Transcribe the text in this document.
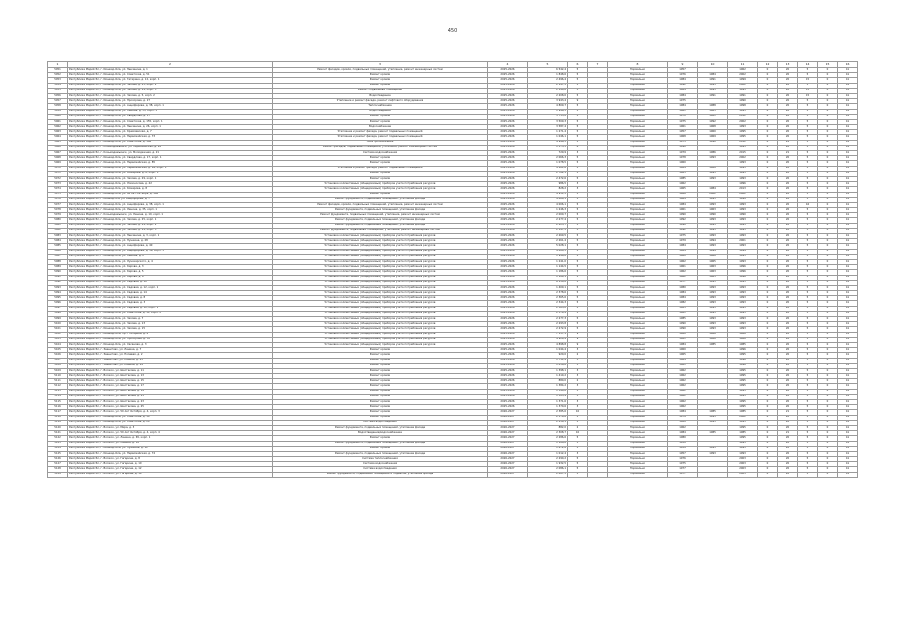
450
1	2	3	4	5	6	7	8	9	10	11	12	13	14	15	16
5051	Республика Марий Эл, г. Йошкар-Ола, ул. Эшкинина, д. 1	Ремонт фасадов, кровли, подвальных помещений, утепление, ремонт инженерных систем	2025-2026	6 542,4	5		Нормально	1957		1962	0	20	5	0	41
5052	Республика Марий Эл, г. Йошкар-Ола, ул. Советская, д. 51	Ремонт кровли	2025-2026	1 848,6	5		Нормально	1976	1984	2002	0	20	5	0	41
5053	Республика Марий Эл, г. Йошкар-Ола, ул. Гагарина, д. 12, корп. 1	Ремонт кровли	2025-2026	2 496,4	5		Нормально	1984	1991	1999	0	20	15	0	41
5054	Республика Марий Эл, г. Йошкар-Ола, ул. Чехова, д. 25, корп. 2	Ремонт кровли	2025-2026	2 197,3	5		Нормально	1992	1993	2002	0	20	5	0	41
5055	Республика Марий Эл, г. Йошкар-Ола, ул. Чехова, д. 29, корп. 3	Ремонт подвальных помещений	2025-2026	2 190,6	5		Нормально	1984	1993	1995	0	20	15	0	41
5056	Республика Марий Эл, г. Йошкар-Ола, ул. Чехова, д. 5, корп. 2	Водоотведение	2025-2026	2 208,0	5		Нормально	1984	1991	1991	0	20	15	0	41
5057	Республика Марий Эл, г. Йошкар-Ола, ул. Прохорова, д. 27	Утепление и ремонт фасада, ремонт лифтового оборудования	2025-2026	3 943,4	9		Нормально	1975		1990	0	20	5	0	41
5058	Республика Марий Эл, г. Йошкар-Ола, ул. Анциферова, д. 38, корп. 1	Теплоснабжение	2025-2026	4 809,7	5		Нормально	1984	1988	1998	0	20	5	0	41
5059	Республика Марий Эл, г. Йошкар-Ола, ул. Ленина, д. 35, корп. 1	Водоотведение	2025-2026	1 946,3	5		Нормально	1961	1963	1993	0	20	5	0	41
5060	Республика Марий Эл, г. Йошкар-Ола, ул. Свердлова, д. 17	Ремонт кровли	2025-2026	5 713,8	5		Нормально	1970	1981	2012	0	20	5	0	41
5061	Республика Марий Эл, г. Йошкар-Ола, ул. Советская, д. 155, корп. 1	Ремонт кровли	2025-2026	3 509,3	5		Нормально	1975	1992	2002	0	20	5	0	41
5062	Республика Марий Эл, г. Йошкар-Ола, ул. Эшкинина, д. 26, корп. 1	Водоснабжение	2025-2026	3 587,4	5		Нормально	1961	1968	1993	0	20	5	0	41
5063	Республика Марий Эл, г. Йошкар-Ола, ул. Кремлевская, д. 7	Утепление и ремонт фасада, ремонт подвальных помещений	2025-2026	1 271,4	5		Нормально	1957	1960	1995	0	20	5	0	41
5064	Республика Марий Эл, г. Йошкар-Ола, ул. Первомайская, д. 73	Утепление и ремонт фасада, ремонт подвальных помещений	2025-2026	1 046,1	5		Нормально	1968	1969	1995	0	20	5	0	41
5065	Республика Марий Эл, г. Йошкар-Ола, ул. Советская, д. 106	Электроснабжение	2025-2026	4 996,3	5		Нормально	1975	1990	2012	0	22	5	0	41
5066	Республика Марий Эл, г. Козьмодемьянск, ул. Первомайская, д. 20	Ремонт фасадов, подвальных помещений, утепление, ремонт инженерных систем	2025-2026	1 575,3	4		Нормально	1990		1995	0	20	5	0	41
5067	Республика Марий Эл, г. Козьмодемьянск, ул. Молодежная, д. 21	Система водоснабжения	2025-2026	729,9	3		Нормально	1979	1986	2015	0	21	5	0	41
5068	Республика Марий Эл, г. Йошкар-Ола, ул. Свердлова, д. 17, корп. 1	Ремонт кровли	2025-2026	2 066,3	5		Нормально	1978	1993	2002	0	20	5	0	41
5069	Республика Марий Эл, г. Йошкар-Ола, ул. Первомайская, д. 85	Ремонт кровли	2025-2026	1 078,5	5		Нормально	1960		1993	0	20	5	0	41
5070	Республика Марий Эл, г. Йошкар-Ола, ул. Первомайская, д. 69, корп. 1	Утепление и ремонт фасада, ремонт подвальных помещений	2025-2026	4 261,6	5		Нормально	1984	1988	1993	0	20	5	0	41
5071	Республика Марий Эл, г. Йошкар-Ола, ул. Комарова, д. 6, корп. 1	Ремонт кровли	2025-2026	2 782,1	5		Нормально	1983	1993	1993	0	20	5	0	41
5072	Республика Марий Эл, г. Йошкар-Ола, ул. Чехова, д. 29, корп. 1	Ремонт кровли	2025-2026	2 472,6	5		Нормально	1985	1993	1993	0	20	5	0	41
5073	Республика Марий Эл, г. Йошкар-Ола, ул. Ломоносова, д. 42	Установка коллективных (общедомовых) приборов учета потребления ресурсов	2025-2026	986,5	3		Нормально	1962		1996	0	20	5	0	41
5074	Республика Марий Эл, г. Йошкар-Ола, ул. Комарова, д. 8	Установка коллективных (общедомовых) приборов учета потребления ресурсов	2025-2026	828,2	3		Нормально	1965	1984	2013	0	20	5	0	41
5075	Республика Марий Эл, г. Йошкар-Ола, ул. 80 лет Октября, д. 108	Ремонт кровли	2025-2026	4 931,5	5		Нормально	1986	2002	2002	0	20	5	0	41
5076	Республика Марий Эл, г. Йошкар-Ola, ул. Анциферова, д. 7	Ремонт фундамента, подвальных помещений, утепление фасада	2025-2026	4 069,1	5		Нормально	1964	1993	1999	0	20	5	0	41
5077	Республика Марий Эл, г. Йошкар-Ола, ул. Анциферова, д. 38, корп. 1	Ремонт фасадов, кровли, подвальных помещений, утепление, ремонт инженерных систем	2025-2026	4 006,1	5		Нормально	1984	1993	1993	0	20	16	0	41
5078	Республика Марий Эл, г. Йошкар-Ола, ул. Ленина, д. 35, корп. 1	Ремонт фундамента, подвальных помещений, утепление фасада	2025-2026	1 246,3	5		Нормально	1961	1963	1993	0	20	5	0	41
5079	Республика Марий Эл, г. Козьмодемьянск, ул. Ленина, д. 10, корп. 1	Ремонт фундамента, подвальных помещений, утепление, ремонт инженерных систем	2025-2026	2 000,7	5		Нормально	1990	1990	1990	0	20	5	0	41
5080	Республика Марий Эл, г. Йошкар-Ола, ул. Чехова, д. 25, корп. 1	Ремонт фундамента, подвальных помещений, утепление фасада	2025-2026	2 277,4	5		Нормально	1992	1993	1993	0	20	5	0	41
5081	Республика Марий Эл, г. Йошкар-Ола, ул. Чехова, д. 29, корп. 2	Ремонт фундамента, подвальных помещений, утепление фасада	2025-2026	2 225,7	5		Нормально	1990	1993	1993	0	20	5	0	41
5082	Республика Марий Эл, г. Йошкар-Ола, ул. Чехова, д. 29, корп. 3	Ремонт фундамента, подвальных помещений, утепление, ремонт инженерных систем	2025-2026	2 197,5	5		Нормально	1992	1993	1993	0	20	5	0	41
5083	Республика Марий Эл, г. Йошкар-Ола, ул. Эшкинина, д. 3, корп. 1	Установка коллективных (общедомовых) приборов учета потребления ресурсов	2025-2026	2 269,5	5		Нормально	1975	1993	1993	0	20	5	0	41
5084	Республика Марий Эл, г. Йошкар-Ола, ул. Пушкина, д. 28	Установка коллективных (общедомовых) приборов учета потребления ресурсов	2025-2026	2 261,4	5		Нормально	1979	1994	2001	0	20	5	0	41
5085	Республика Марий Эл, г. Йошкар-Ола, ул. Анциферова, д. 40	Установка коллективных (общедомовых) приборов учета потребления ресурсов	2025-2026	5 028,1	5		Нормально	1984	1993	1993	0	20	5	0	41
5086	Республика Марий Эл, г. Йошкар-Ола, ул. Анциферова, д. 36, корп. 1	Установка коллективных (общедомовых) приборов учета потребления ресурсов	2025-2026	4 080,5	5		Нормально	1984	1994	1994	0	20	5	0	41
5087	Республика Марий Эл, г. Йошкар-Ола, ул. Ленина, д. 2	Установка коллективных (общедомовых) приборов учета потребления ресурсов	2025-2026	1 946,6	5		Нормально	1960	1966	1993	0	20	5	0	41
5088	Республика Марий Эл, г. Йошкар-Ола, ул. Луначарского, д. 4	Установка коллективных (общедомовых) приборов учета потребления ресурсов	2025-2026	1 241,0	5		Нормально	1962	1965	1993	0	20	5	0	41
5089	Республика Марий Эл, г. Йошкар-Ола, ул. Кирова, д. 3	Установка коллективных (общедомовых) приборов учета потребления ресурсов	2025-2026	1 144,5	5		Нормально	1961	1963	1996	0	20	5	0	41
5090	Республика Марий Эл, г. Йошкар-Ола, ул. Кирова, д. 5	Установка коллективных (общедомовых) приборов учета потребления ресурсов	2025-2026	1 186,6	5		Нормально	1962	1963	1996	0	20	5	0	41
5091	Республика Марий Эл, г. Йошкар-Ола, ул. Кирова, д. 8	Установка коллективных (общедомовых) приборов учета потребления ресурсов	2025-2026	1 184,1	5		Нормально	1962	1963	1996	0	20	5	0	41
5092	Республика Марий Эл, г. Йошкар-Ола, ул. Садовая, д. 10	Установка коллективных (общедомовых) приборов учета потребления ресурсов	2025-2026	6 150,8	5		Нормально	1977	1993	1993	0	20	5	0	41
5093	Республика Марий Эл, г. Йошкар-Ола, ул. Садовая, д. 12, корп. 1	Установка коллективных (общедомовых) приборов учета потребления ресурсов	2025-2026	1 409,1	5		Нормально	1980	1993	1993	0	20	5	0	41
5094	Республика Марий Эл, г. Йошкар-Ола, ул. Садовая, д. 14	Установка коллективных (общедомовых) приборов учета потребления ресурсов	2025-2026	2 378,6	5		Нормально	1984	1993	1993	0	20	5	0	41
5095	Республика Марий Эл, г. Йошкар-Ола, ул. Садовая, д. 8	Установка коллективных (общедомовых) приборов учета потребления ресурсов	2025-2026	2 365,6	5		Нормально	1984	1993	1993	0	20	5	0	41
5096	Республика Марий Эл, г. Йошкар-Ола, ул. Садовая, д. 3	Установка коллективных (общедомовых) приборов учета потребления ресурсов	2025-2026	2 344,3	5		Нормально	1982	1993	1993	0	20	5	0	41
5097	Республика Марий Эл, г. Йошкар-Ола, ул. Садовая, д. 10, корп. 1	Установка коллективных (общедомовых) приборов учета потребления ресурсов	2025-2026	2 365,0	5		Нормально	1985	1993	1993	0	20	5	0	41
5098	Республика Марий Эл, г. Йошкар-Ола, ул. Советская, д. 11, корп. 2	Установка коллективных (общедомовых) приборов учета потребления ресурсов	2025-2026	2 374,4	5		Нормально	1981	1993	1993	0	20	5	0	41
5099	Республика Марий Эл, г. Йошкар-Ола, ул. Чехова, д. 7	Установка коллективных (общедомовых) приборов учета потребления ресурсов	2025-2026	2 277,3	5		Нормально	1985	1993	1993	0	20	5	0	41
5100	Республика Марий Эл, г. Йошкар-Ола, ул. Чехова, д. 13	Установка коллективных (общедомовых) приборов учета потребления ресурсов	2025-2026	2 293,8	5		Нормально	1990	1993	1993	0	20	5	0	41
5101	Республика Марий Эл, г. Йошкар-Ола, ул. Чехова, д. 15	Установка коллективных (общедомовых) приборов учета потребления ресурсов	2025-2026	2 272,9	5		Нормально	1990	1993	1993	0	20	5	0	41
5102	Республика Марий Эл, г. Йошкар-Ола, пр-т Гагарина, д. 4	Установка коллективных (общедомовых) приборов учета потребления ресурсов	2025-2026	7 157,1	9		Нормально	1980	1986	1986	0	20	5	0	41
5103	Республика Марий Эл, г. Йошкар-Ола, ул. Прохорова, д. 32	Установка коллективных (общедомовых) приборов учета потребления ресурсов	2025-2026	4 924,4	9		Нормально	1981	1986	1986	0	20	5	0	41
5104	Республика Марий Эл, г. Йошкар-Ола, ул. Хасанова, д. 3	Установка коллективных (общедомовых) приборов учета потребления ресурсов	2025-2026	4 898,8	9		Нормально	1984	1985	1985	0	20	5	0	41
5105	Республика Марий Эл, г. Звенигово, ул. Ленина, д. 7	Ремонт кровли	2025-2026	1 044,4	3		Нормально	1960		1996	0	20	5	0	41
5106	Республика Марий Эл, г. Звенигово, ул. Полевая, д. 2	Ремонт кровли	2025-2026	920,0	2		Нормально	1965		1995	0	20	5	0	41
5107	Республика Марий Эл, г. Звенигово, ул. Ленина, д. 25	Ремонт кровли	2025-2026	1 711,4	3		Нормально	1964		1996	0	20	5	0	41
5108	Республика Марий Эл, г. Звенигово, ул. Ленина, д. 29	Ремонт кровли	2025-2026	1 036,6	3		Нормально	1961		1996	0	20	5	0	41
5109	Республика Марий Эл, г. Волжск, ул. Шестакова, д. 11	Ремонт кровли	2025-2026	1 398,1	3		Нормально	1962		1995	0	20	5	0	41
5110	Республика Марий Эл, г. Волжск, ул. Шестакова, д. 13	Ремонт кровли	2025-2026	1 410,2	3		Нормально	1962		1995	0	20	5	0	41
5111	Республика Марий Эл, г. Волжск, ул. Шестакова, д. 15	Ремонт кровли	2025-2026	880,0	2		Нормально	1962		1995	0	20	5	0	41
5112	Республика Марий Эл, г. Волжск, ул. Шестакова, д. 17	Ремонт кровли	2025-2026	1 384,2	3		Нормально	1962		1995	0	20	5	0	41
5113	Республика Марий Эл, г. Волжск, ул. Шестакова, д. 19	Ремонт кровли	2025-2026	1 390,6	3		Нормально	1962		1995	0	20	5	0	41
5114	Республика Марий Эл, г. Волжск, ул. Шестакова, д. 21	Ремонт кровли	2025-2026	1 385,9	3		Нормально	1962		1995	0	20	5	0	41
5115	Республика Марий Эл, г. Волжск, ул. Шестакова, д. 23	Ремонт кровли	2025-2026	1 371,6	3		Нормально	1962		1995	0	20	5	0	41
5116	Республика Марий Эл, г. Волжск, ул. Шестакова, д. 25	Ремонт кровли	2025-2026	1 370,6	3		Нормально	1962		1995	0	20	5	0	41
5117	Республика Марий Эл, г. Волжск, ул. 50 лет Октября, д. 4, корп. 3	Ремонт кровли	2026-2027	2 385,6	10		Нормально	1984	1985	1985	0	21	5	0	41
5118	Республика Марий Эл, г. Йошкар-Ола, ул. Советская, д. 10	Ремонт кровли	2026-2027	2 579,6	5		Нормально	1979	1993	2002	0	20	5	0	41
5119	Республика Марий Эл, г. Йошкар-Ола, ул. Советская, д. 20	Система водоотведения	2026-2027	2 259,1	5		Нормально	1988	1993	1993	0	20	5	0	41
5120	Республика Марий Эл, г. Волжск, ул. Мира, д. 3	Ремонт фундамента, подвальных помещений, утепление фасада	2026-2027	882,0	2		Нормально	1962		1995	0	20	5	0	41
5121	Республика Марий Эл, г. Волжск, ул. 50 лет Октября, д. 4, корп. 4	Водоотведение/водоснабжение	2026-2027	2 308,7	10		Нормально	1984	1985	1985	0	21	5	0	41
5122	Республика Марий Эл, г. Волжск, ул. Ленина, д. 65, корп. 1	Ремонт кровли	2026-2027	2 286,6	5		Нормально	1980		1995	0	20	5	0	41
5123	Республика Марий Эл, г. Волжск, ул. Ленина, д. 18	Ремонт фундамента, подвальных помещений, утепление фасада	2026-2027	1 188,6	3		Нормально	1958		1995	0	20	5	0	41
5124	Республика Марий Эл, г. Йошкар-Ола, ул. Пушкина, д. 12	Ремонт кровли	2026-2027	1 672,8	5		Нормально	1959	1993	1993	0	20	5	0	41
5125	Республика Марий Эл, г. Йошкар-Ола, ул. Первомайская, д. 74	Ремонт фундамента, подвальных помещений, утепление фасада	2026-2027	1 012,4	3		Нормально	1957	1993	1993	0	20	5	0	41
5126	Республика Марий Эл, г. Волжск, ул. Гагарина, д. 8	Система теплоснабжения	2026-2027	2 290,2	5		Нормально	1976		2003	0	20	5	0	41
5127	Республика Марий Эл, г. Волжск, ул. Гагарина, д. 10	Система водоснабжения	2026-2027	1 932,5	5		Нормально	1975		2003	0	20	5	0	41
5128	Республика Марий Эл, г. Волжск, ул. Гагарина, д. 12	Система водоотведения	2026-2027	2 086,1	5		Нормально	1977		2003	0	20	5	0	41
5129	Республика Марий Эл, г. Волжск, ул. Гагарина, д. 14	Ремонт фундамента, подвальных помещений и подвалов, утепление фасада	2026-2027	2 087,5	5		Нормально	1977		2003	0	20	5	0	41
